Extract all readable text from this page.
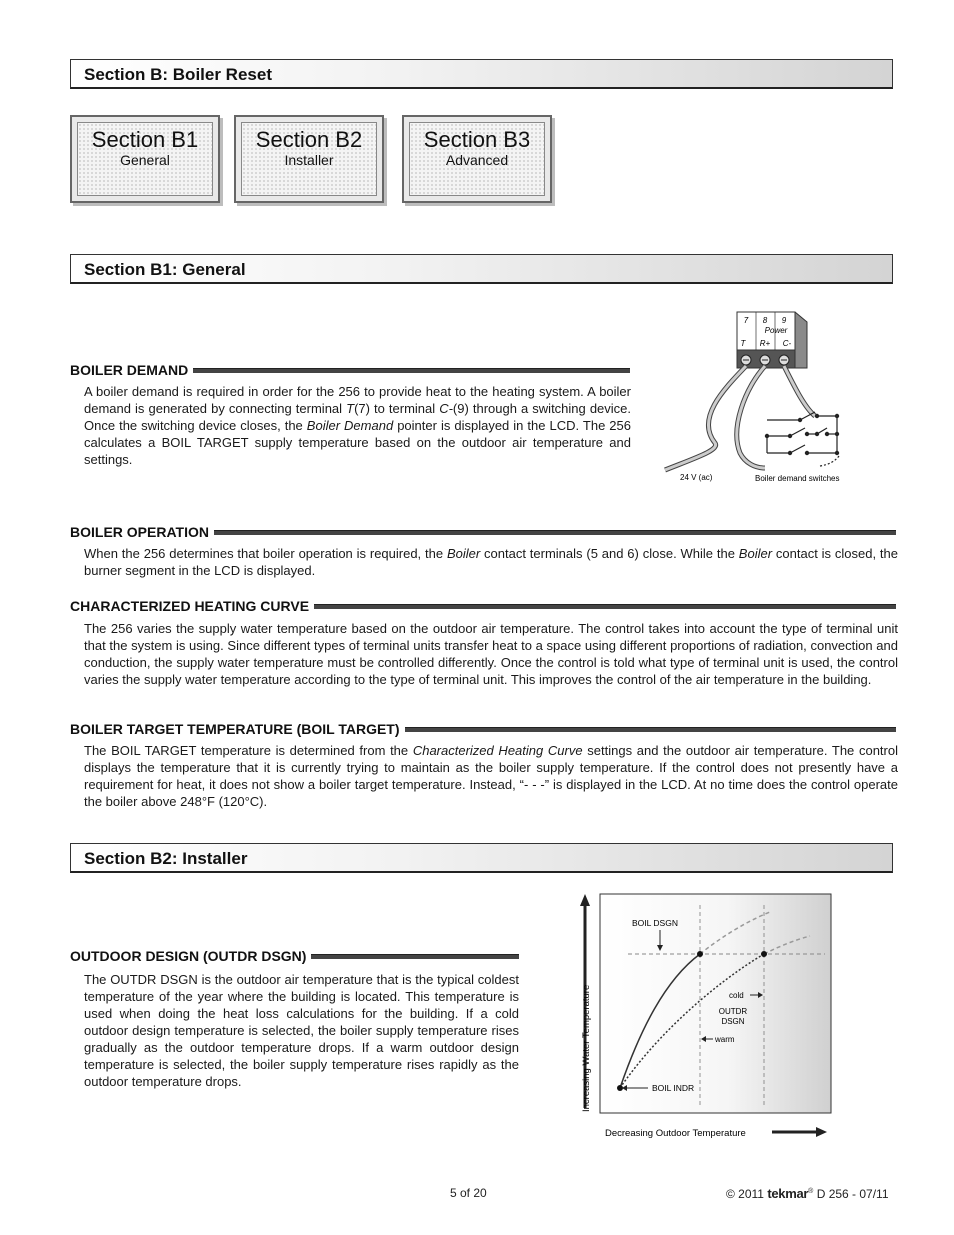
Section B: Boiler Reset
Section B1
General
Section B2
Installer
Section B3
Advanced
Section B1: General
BOILER DEMAND

A boiler demand is required in order for the 256 to provide heat to the heating system. A boiler demand is generated by connecting terminal T(7) to terminal C-(9) through a switching device. Once the switching device closes, the Boiler Demand pointer is displayed in the LCD. The 256 calculates a BOIL TARGET supply temperature based on the outdoor air temperature and settings.

7 8 9
Power
T R+ C-
24 V (ac)	Boiler demand switches
BOILER OPERATION

When the 256 determines that boiler operation is required, the Boiler contact terminals (5 and 6) close. While the Boiler contact is closed, the burner segment in the LCD is displayed.

CHARACTERIZED HEATING CURVE

The 256 varies the supply water temperature based on the outdoor air temperature. The control takes into account the type of terminal unit that the system is using. Since different types of terminal units transfer heat to a space using different proportions of radiation, convection and conduction, the supply water temperature must be controlled differently. Once the control is told what type of terminal unit is used, the control varies the supply water temperature according to the type of terminal unit. This improves the control of the air temperature in the building.

BOILER TARGET TEMPERATURE (BOIL TARGET)

The BOIL TARGET temperature is determined from the Characterized Heating Curve settings and the outdoor air temperature. The control displays the temperature that it is currently trying to maintain as the boiler supply temperature. If the control does not presently have a requirement for heat, it does not show a boiler target temperature. Instead, “- - -” is displayed in the LCD. At no time does the control operate the boiler above 248°F (120°C).

Section B2: Installer
OUTDOOR DESIGN (OUTDR DSGN)

The OUTDR DSGN is the outdoor air temperature that is the typical coldest temperature of the year where the building is located. This temperature is used when doing the heat loss calculations for the building. If a cold outdoor design temperature is selected, the boiler supply temperature rises gradually as the outdoor temperature drops. If a warm outdoor design temperature is selected, the boiler supply temperature rises rapidly as the outdoor temperature drops.	Increasing Water Temperature
Decreasing Outdoor Temperature
BOIL DSGN
cold
OUTDR
DSGN
warm
BOIL INDR
5 of 20	© 2011 tekmar® D 256 - 07/11
